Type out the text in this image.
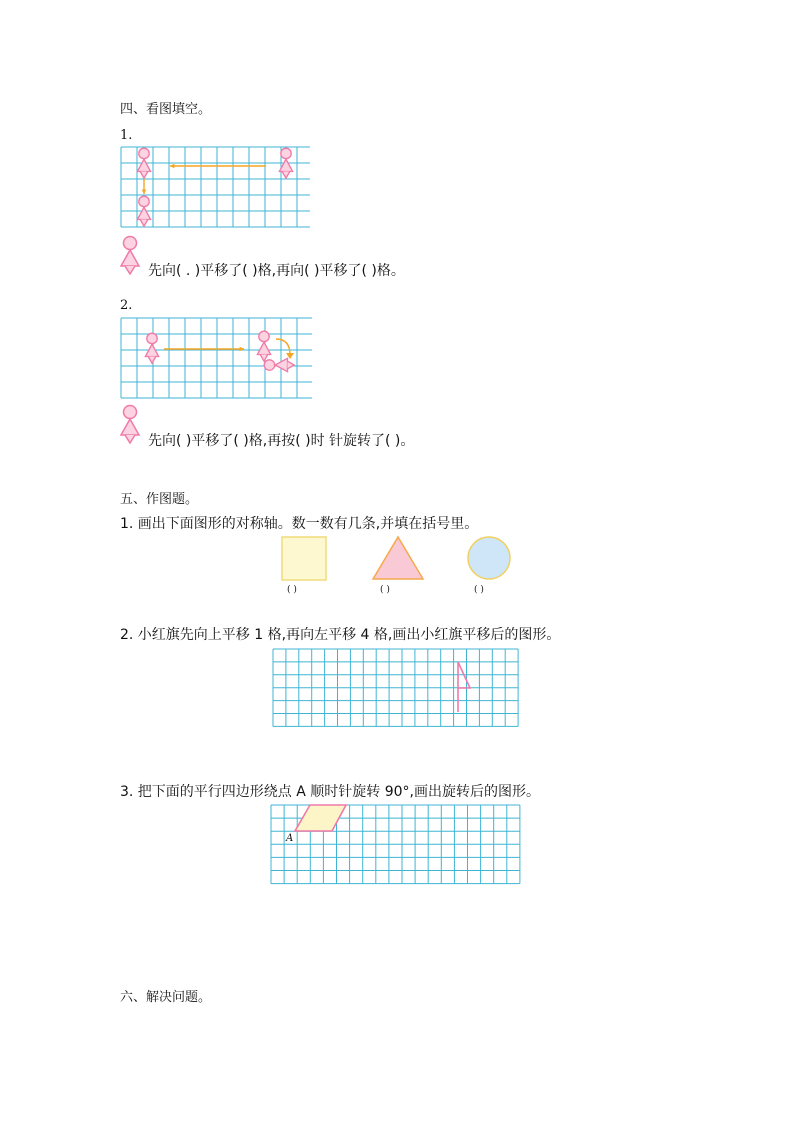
四、看图填空。
1.
先向( . )平移了( )格,再向( )平移了( )格。
2.
先向( )平移了( )格,再按( )时 针旋转了( )。
五、作图题。
1. 画出下面图形的对称轴。数一数有几条,并填在括号里。
( )	( )	( )
2. 小红旗先向上平移 1 格,再向左平移 4 格,画出小红旗平移后的图形。
3. 把下面的平行四边形绕点 A 顺时针旋转 90°,画出旋转后的图形。
A
六、解决问题。
